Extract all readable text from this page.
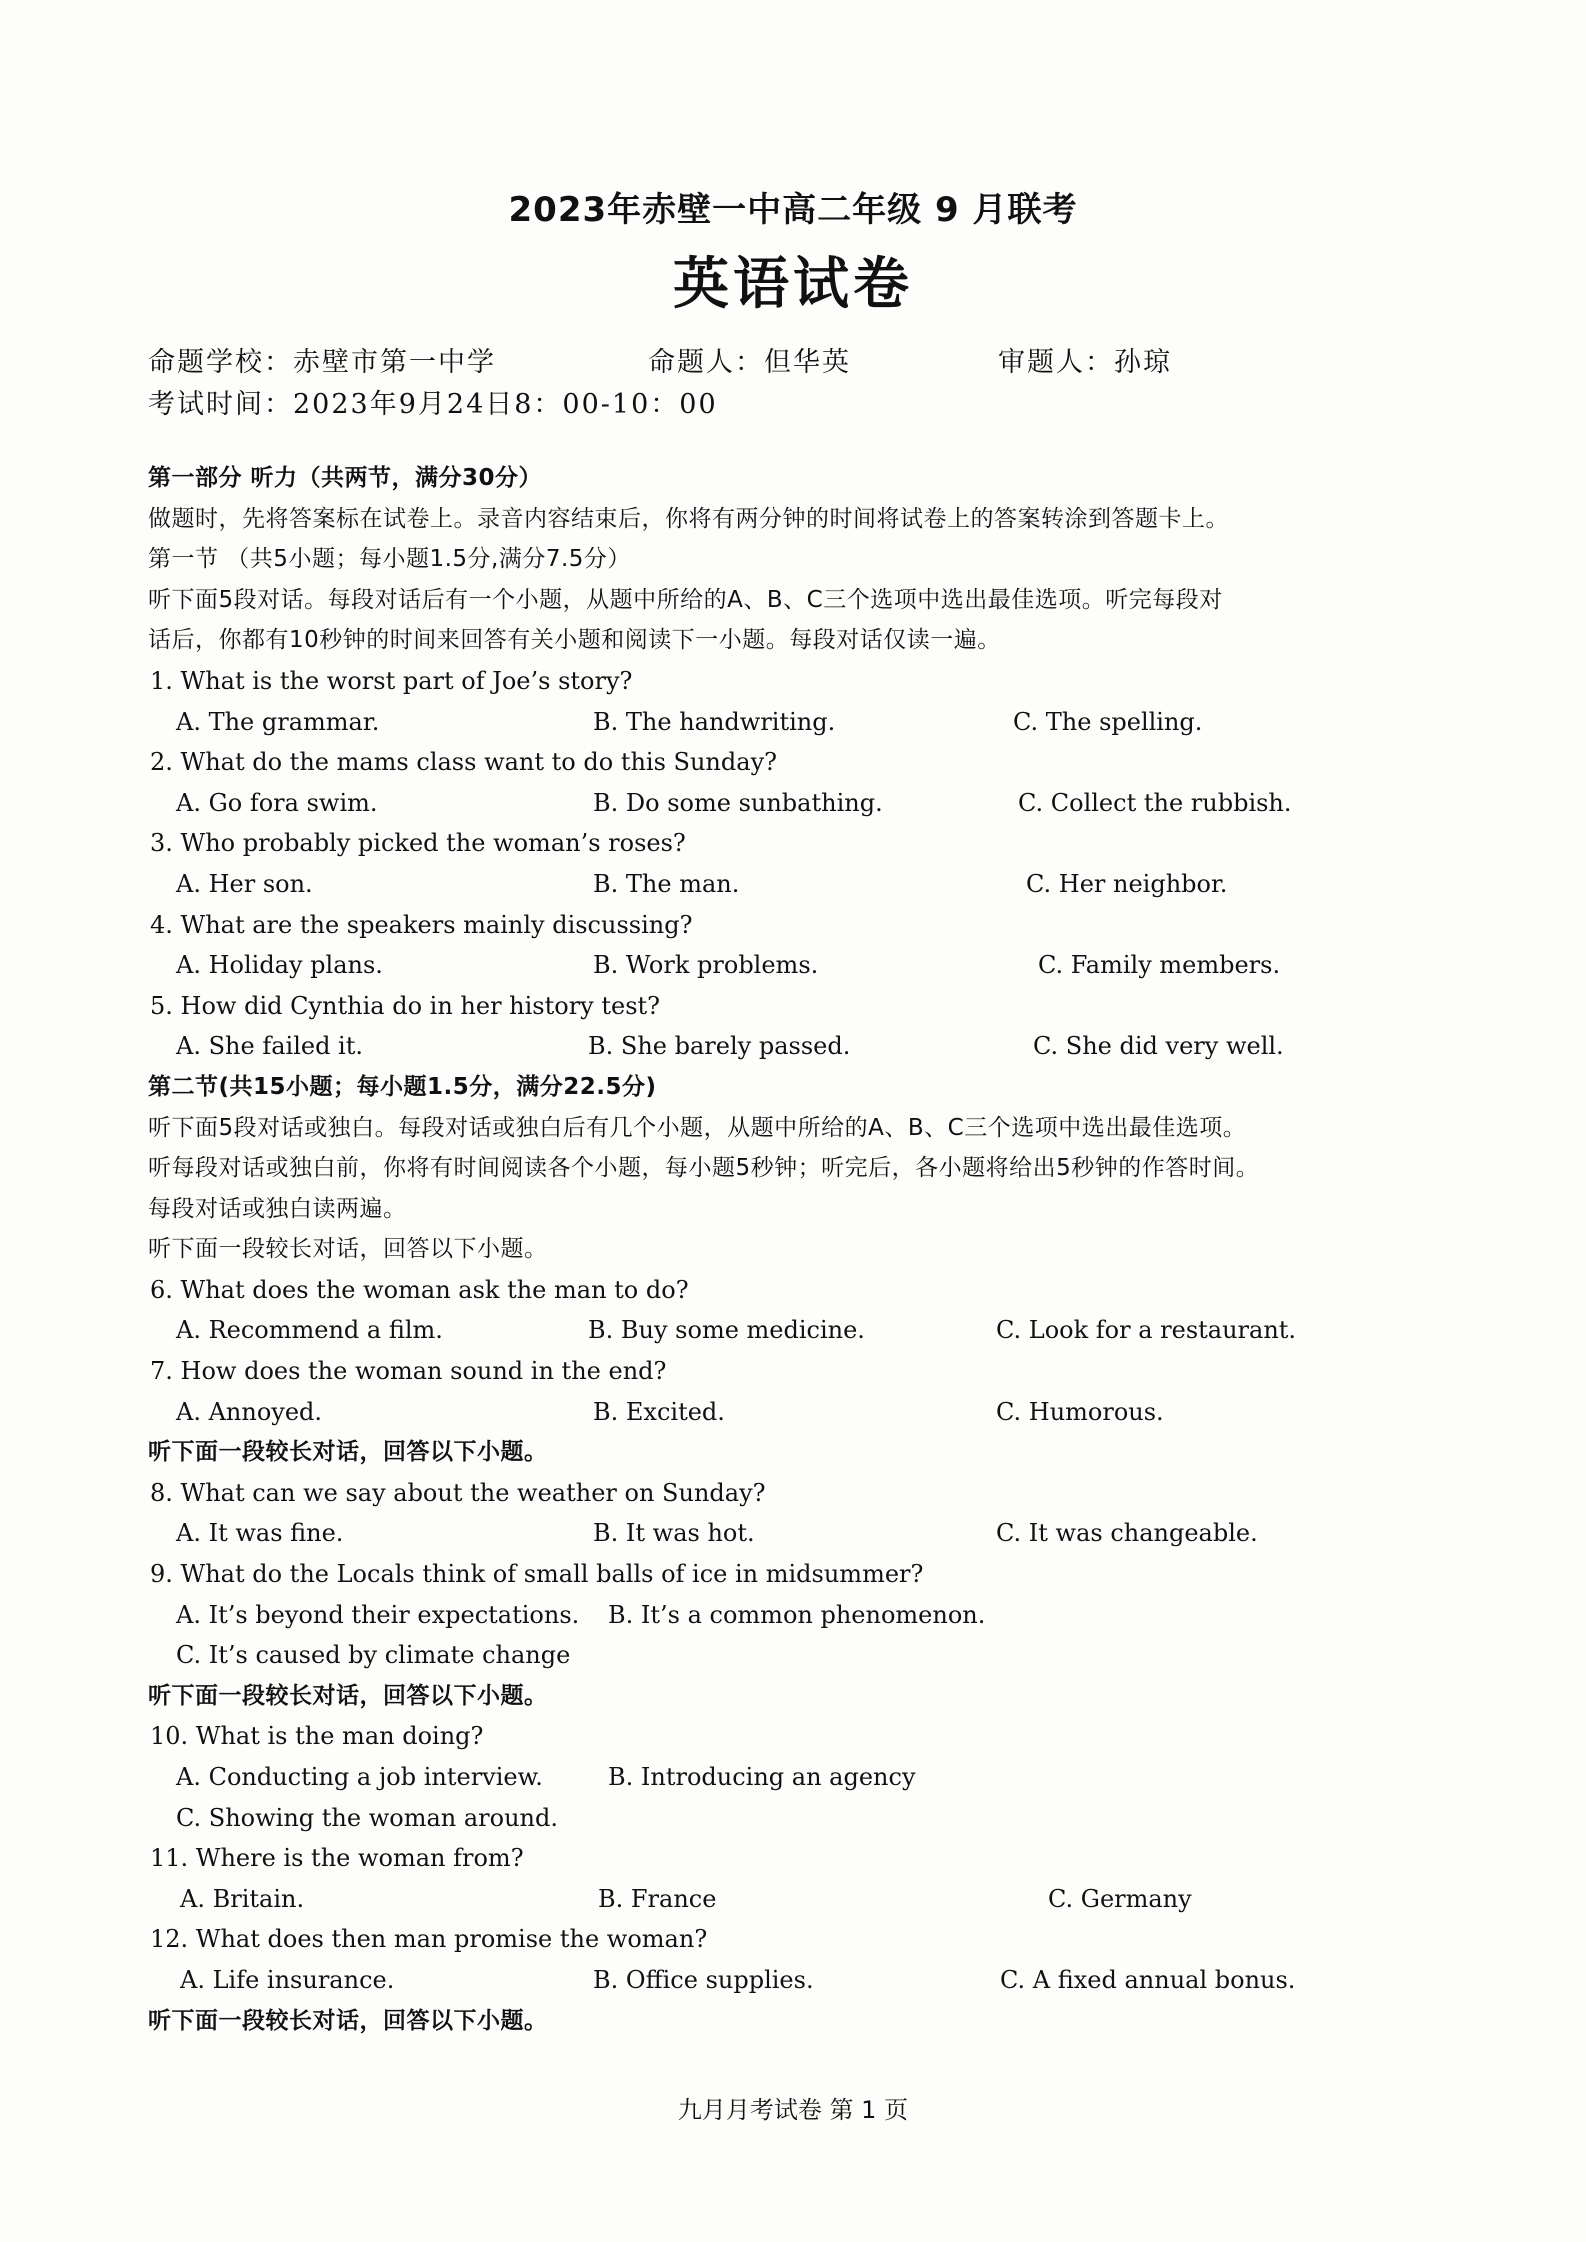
2023年赤壁一中高二年级 9 月联考
英语试卷
命题学校：赤壁市第一中学	命题人：但华英	审题人：孙琼
考试时间：2023年9月24日8：00-10：00
第一部分 听力（共两节，满分30分）
做题时，先将答案标在试卷上。录音内容结束后，你将有两分钟的时间将试卷上的答案转涂到答题卡上。
第一节 （共5小题；每小题1.5分,满分7.5分）
听下面5段对话。每段对话后有一个小题，从题中所给的A、B、C三个选项中选出最佳选项。听完每段对
话后，你都有10秒钟的时间来回答有关小题和阅读下一小题。每段对话仅读一遍。
1. What is the worst part of Joe’s story?
A. The grammar.	B. The handwriting.	C. The spelling.
2. What do the mams class want to do this Sunday?
A. Go fora swim.	B. Do some sunbathing.	C. Collect the rubbish.
3. Who probably picked the woman’s roses?
A. Her son.	B. The man.	C. Her neighbor.
4. What are the speakers mainly discussing?
A. Holiday plans.	B. Work problems.	C. Family members.
5. How did Cynthia do in her history test?
A. She failed it.	B. She barely passed.	C. She did very well.
第二节(共15小题；每小题1.5分，满分22.5分)
听下面5段对话或独白。每段对话或独白后有几个小题，从题中所给的A、B、C三个选项中选出最佳选项。
听每段对话或独白前，你将有时间阅读各个小题，每小题5秒钟；听完后，各小题将给出5秒钟的作答时间。
每段对话或独白读两遍。
听下面一段较长对话，回答以下小题。
6. What does the woman ask the man to do?
A. Recommend a film.	B. Buy some medicine.	C. Look for a restaurant.
7. How does the woman sound in the end?
A. Annoyed.	B. Excited.	C. Humorous.
听下面一段较长对话，回答以下小题。
8. What can we say about the weather on Sunday?
A. It was fine.	B. It was hot.	C. It was changeable.
9. What do the Locals think of small balls of ice in midsummer?
A. It’s beyond their expectations. B. It’s a common phenomenon.
C. It’s caused by climate change
听下面一段较长对话，回答以下小题。
10. What is the man doing?
A. Conducting a job interview.	B. Introducing an agency
C. Showing the woman around.
11. Where is the woman from?
A. Britain.	B. France	C. Germany
12. What does then man promise the woman?
A. Life insurance.	B. Office supplies.	C. A fixed annual bonus.
听下面一段较长对话，回答以下小题。
九月月考试卷 第 1 页
